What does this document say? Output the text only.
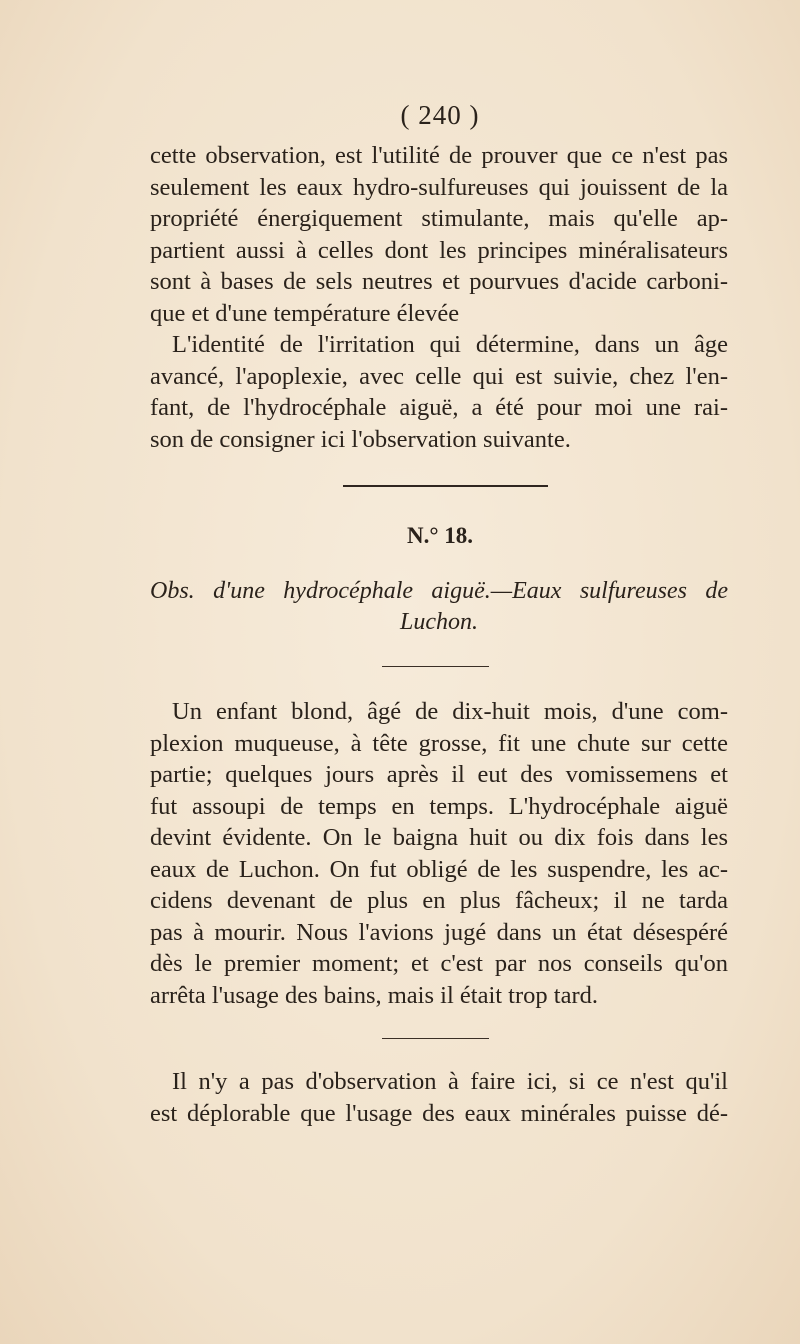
( 240 )
cette observation, est l'utilité de prouver que ce n'est pas
seulement les eaux hydro-sulfureuses qui jouissent de la
propriété énergiquement stimulante, mais qu'elle ap-
partient aussi à celles dont les principes minéralisateurs
sont à bases de sels neutres et pourvues d'acide carboni-
que et d'une température élevée
L'identité de l'irritation qui détermine, dans un âge
avancé, l'apoplexie, avec celle qui est suivie, chez l'en-
fant, de l'hydrocéphale aiguë, a été pour moi une rai-
son de consigner ici l'observation suivante.
N.° 18.
Obs. d'une hydrocéphale aiguë.—Eaux sulfureuses de
Luchon.
Un enfant blond, âgé de dix-huit mois, d'une com-
plexion muqueuse, à tête grosse, fit une chute sur cette
partie; quelques jours après il eut des vomissemens et
fut assoupi de temps en temps. L'hydrocéphale aiguë
devint évidente. On le baigna huit ou dix fois dans les
eaux de Luchon. On fut obligé de les suspendre, les ac-
cidens devenant de plus en plus fâcheux; il ne tarda
pas à mourir. Nous l'avions jugé dans un état désespéré
dès le premier moment; et c'est par nos conseils qu'on
arrêta l'usage des bains, mais il était trop tard.
Il n'y a pas d'observation à faire ici, si ce n'est qu'il
est déplorable que l'usage des eaux minérales puisse dé-
